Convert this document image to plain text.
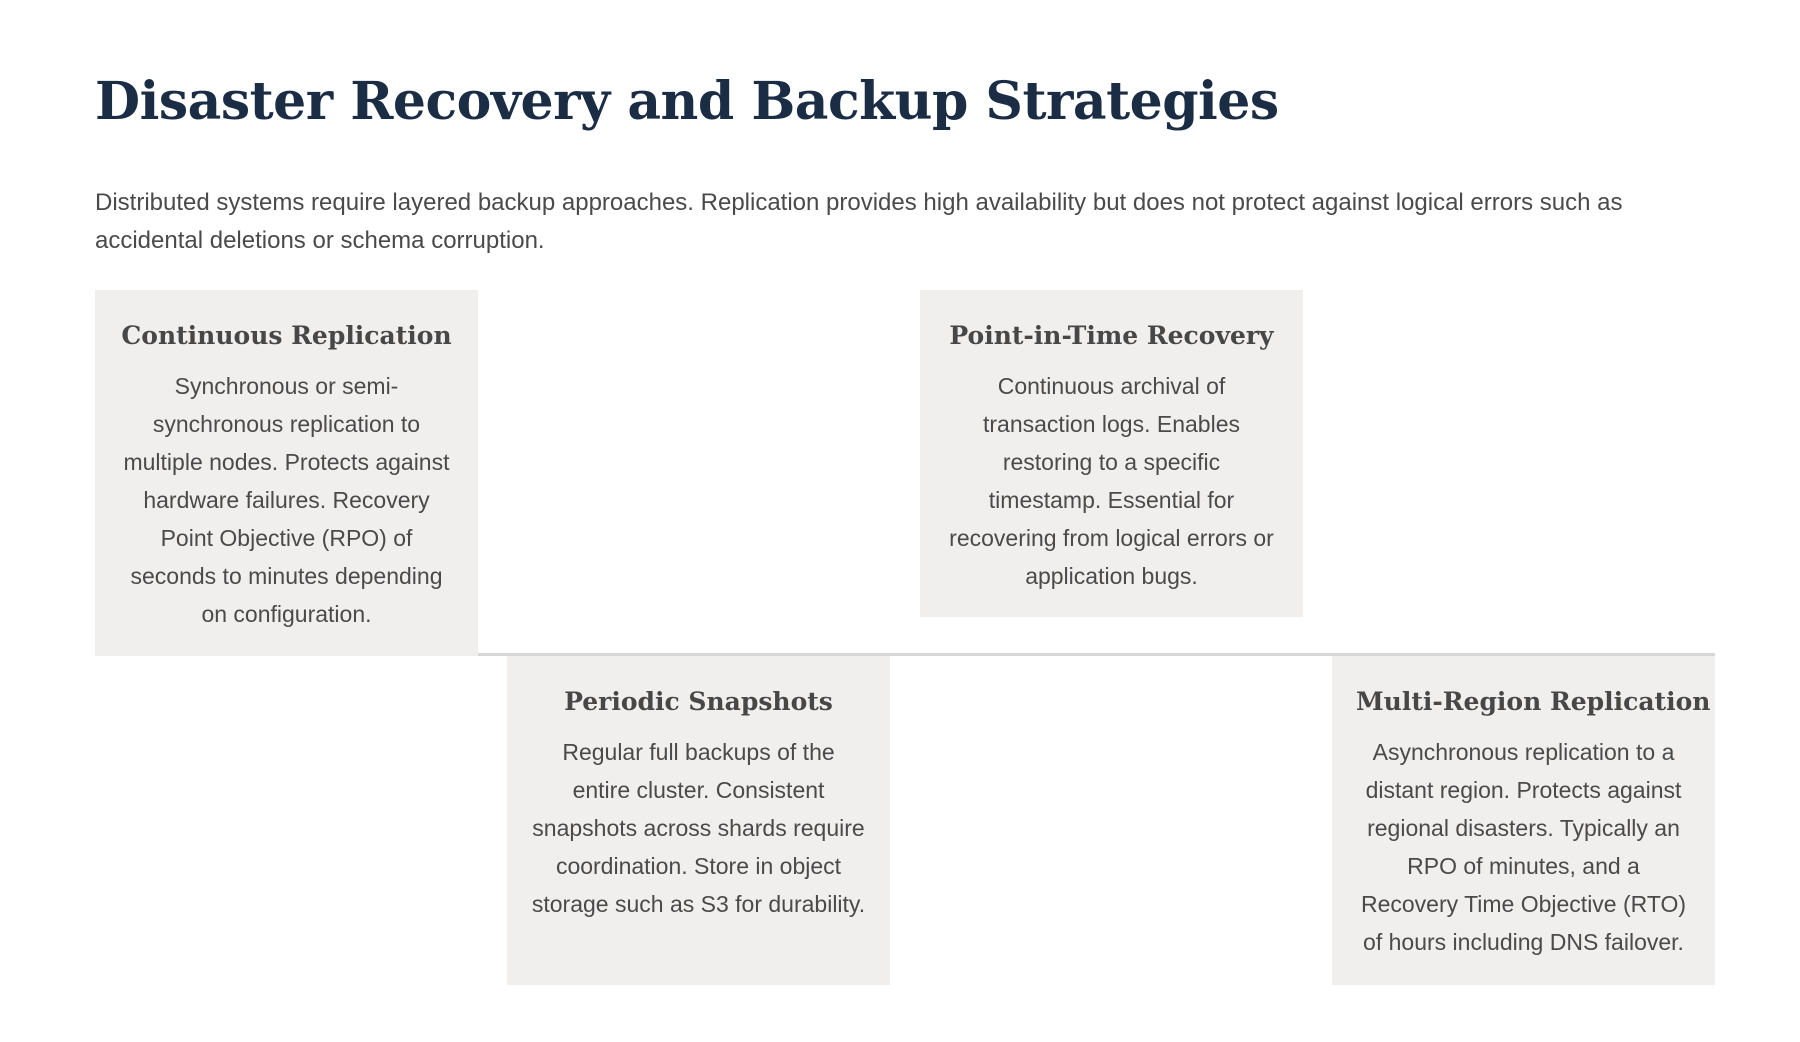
Disaster Recovery and Backup Strategies

Distributed systems require layered backup approaches. Replication provides high availability but does not protect against logical errors such as accidental deletions or schema corruption.

Continuous Replication

Synchronous or semi-synchronous replication to multiple nodes. Protects against hardware failures. Recovery Point Objective (RPO) of seconds to minutes depending on configuration.

Point-in-Time Recovery

Continuous archival of transaction logs. Enables restoring to a specific timestamp. Essential for recovering from logical errors or application bugs.

Periodic Snapshots

Regular full backups of the entire cluster. Consistent snapshots across shards require coordination. Store in object storage such as S3 for durability.

Multi-Region Replication

Asynchronous replication to a distant region. Protects against regional disasters. Typically an RPO of minutes, and a Recovery Time Objective (RTO) of hours including DNS failover.
